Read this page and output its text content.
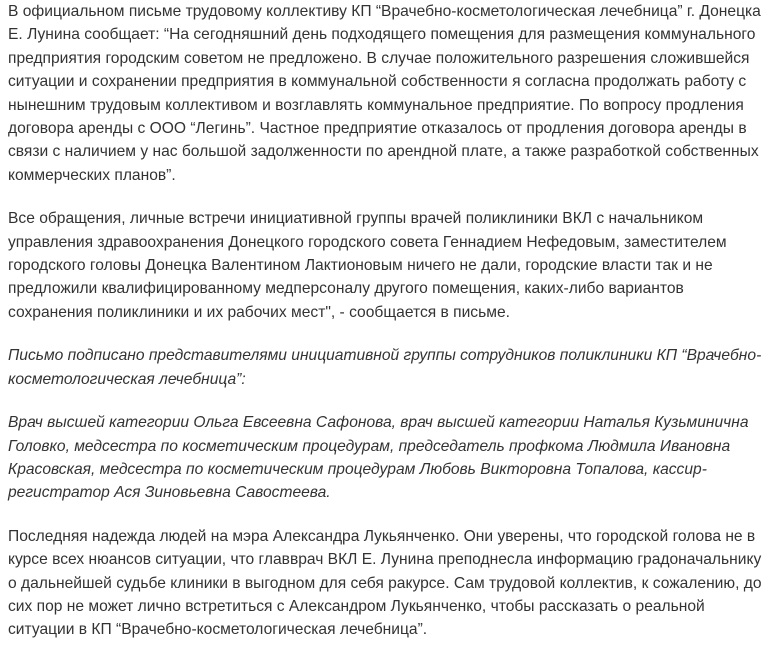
В официальном письме трудовому коллективу КП “Врачебно-косметологическая лечебница” г. Донецка
Е. Лунина сообщает: “На сегодняшний день подходящего помещения для размещения коммунального
предприятия городским советом не предложено. В случае положительного разрешения сложившейся
ситуации и сохранении предприятия в коммунальной собственности я согласна продолжать работу с
нынешним трудовым коллективом и возглавлять коммунальное предприятие. По вопросу продления
договора аренды с ООО “Легинь”. Частное предприятие отказалось от продления договора аренды в
связи с наличием у нас большой задолженности по арендной плате, а также разработкой собственных
коммерческих планов”.

Все обращения, личные встречи инициативной группы врачей поликлиники ВКЛ с начальником
управления здравоохранения Донецкого городского совета Геннадием Нефедовым, заместителем
городского головы Донецка Валентином Лактионовым ничего не дали, городские власти так и не
предложили квалифицированному медперсоналу другого помещения, каких-либо вариантов
сохранения поликлиники и их рабочих мест", - сообщается в письме.

Письмо подписано представителями инициативной группы сотрудников поликлиники КП “Врачебно-
косметологическая лечебница”:

Врач высшей категории Ольга Евсеевна Сафонова, врач высшей категории Наталья Кузьминична
Головко, медсестра по косметическим процедурам, председатель профкома Людмила Ивановна
Красовская, медсестра по косметическим процедурам Любовь Викторовна Топалова, кассир-
регистратор Ася Зиновьевна Савостеева.

Последняя надежда людей на мэра Александра Лукьянченко. Они уверены, что городской голова не в
курсе всех нюансов ситуации, что главврач ВКЛ Е. Лунина преподнесла информацию градоначальнику
о дальнейшей судьбе клиники в выгодном для себя ракурсе. Сам трудовой коллектив, к сожалению, до
сих пор не может лично встретиться с Александром Лукьянченко, чтобы рассказать о реальной
ситуации в КП “Врачебно-косметологическая лечебница”.
